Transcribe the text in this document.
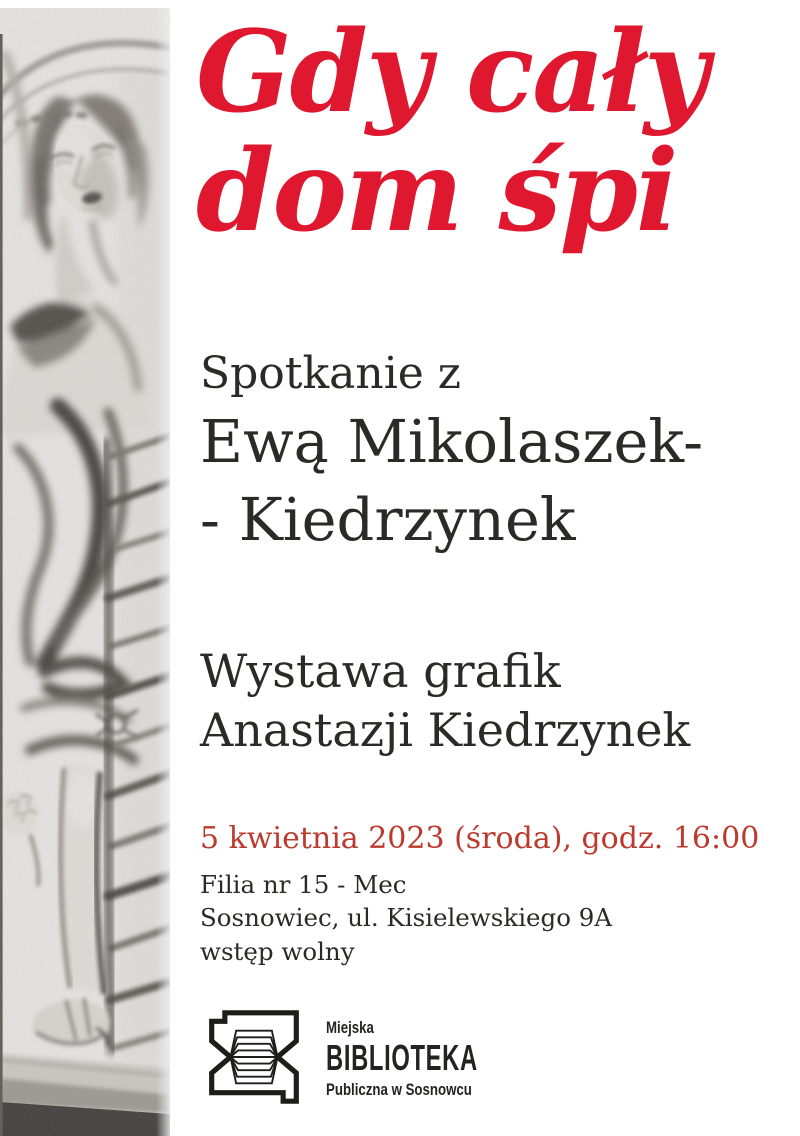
Gdy cały
dom śpi

Spotkanie z

Ewą Mikolaszek-

- Kiedrzynek

Wystawa grafik

Anastazji Kiedrzynek

5 kwietnia 2023 (środa), godz. 16:00

Filia nr 15 - Mec

Sosnowiec, ul. Kisielewskiego 9A

wstęp wolny

Miejska
BIBLIOTEKA
Publiczna w Sosnowcu
